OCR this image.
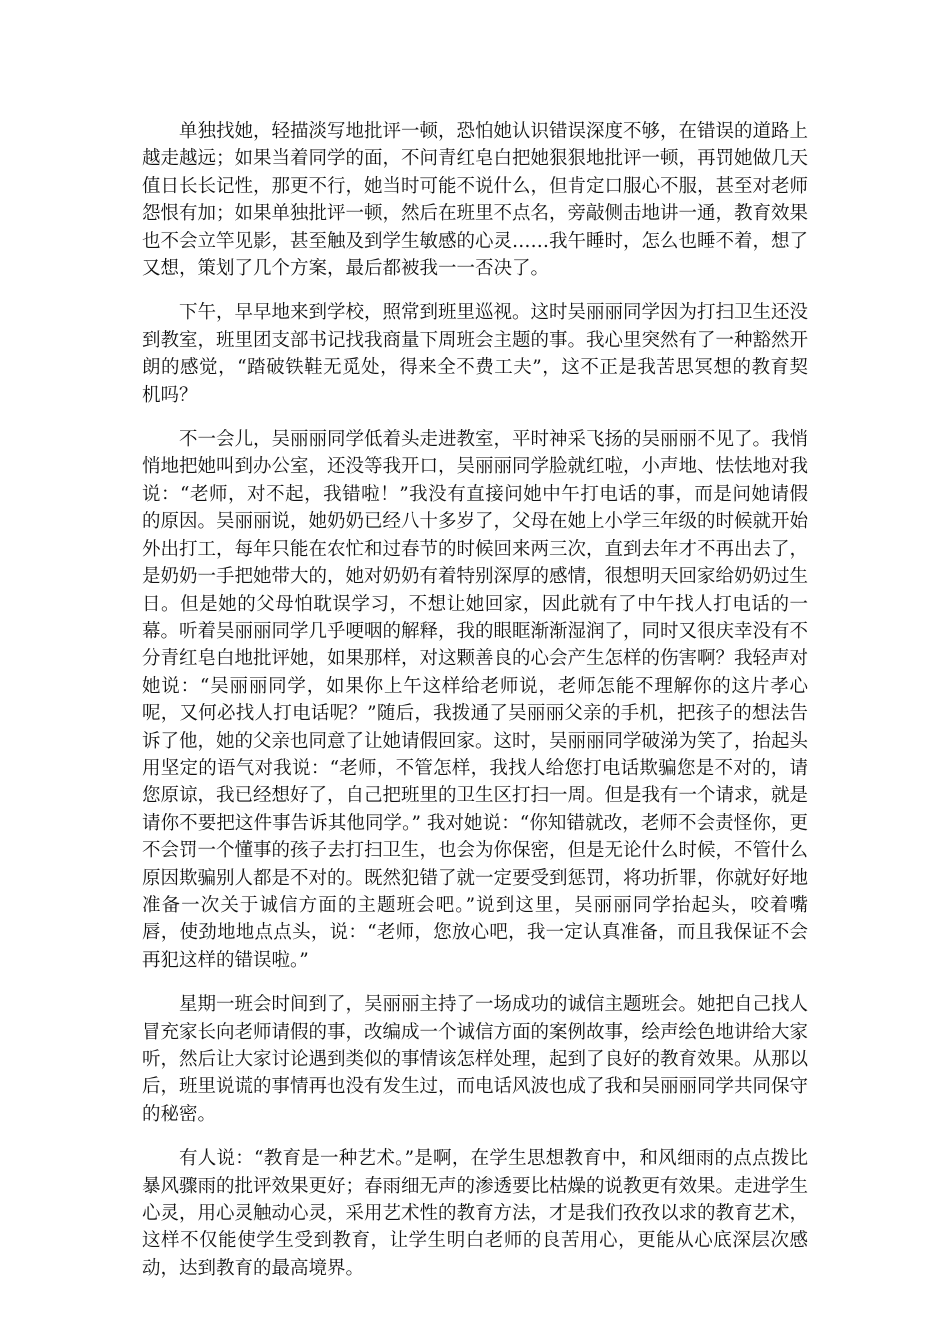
单独找她，轻描淡写地批评一顿，恐怕她认识错误深度不够，在错误的道路上越走越远；如果当着同学的面，不问青红皂白把她狠狠地批评一顿，再罚她做几天值日长长记性，那更不行，她当时可能不说什么，但肯定口服心不服，甚至对老师怨恨有加；如果单独批评一顿，然后在班里不点名，旁敲侧击地讲一通，教育效果也不会立竿见影，甚至触及到学生敏感的心灵……我午睡时，怎么也睡不着，想了又想，策划了几个方案，最后都被我一一否决了。

下午，早早地来到学校，照常到班里巡视。这时吴丽丽同学因为打扫卫生还没到教室，班里团支部书记找我商量下周班会主题的事。我心里突然有了一种豁然开朗的感觉，“踏破铁鞋无觅处，得来全不费工夫”，这不正是我苦思冥想的教育契机吗？

不一会儿，吴丽丽同学低着头走进教室，平时神采飞扬的吴丽丽不见了。我悄悄地把她叫到办公室，还没等我开口，吴丽丽同学脸就红啦，小声地、怯怯地对我说：“老师，对不起，我错啦！”我没有直接问她中午打电话的事，而是问她请假的原因。吴丽丽说，她奶奶已经八十多岁了，父母在她上小学三年级的时候就开始外出打工，每年只能在农忙和过春节的时候回来两三次，直到去年才不再出去了，是奶奶一手把她带大的，她对奶奶有着特别深厚的感情，很想明天回家给奶奶过生日。但是她的父母怕耽误学习，不想让她回家，因此就有了中午找人打电话的一幕。听着吴丽丽同学几乎哽咽的解释，我的眼眶渐渐湿润了，同时又很庆幸没有不分青红皂白地批评她，如果那样，对这颗善良的心会产生怎样的伤害啊？我轻声对她说：“吴丽丽同学，如果你上午这样给老师说，老师怎能不理解你的这片孝心呢，又何必找人打电话呢？”随后，我拨通了吴丽丽父亲的手机，把孩子的想法告诉了他，她的父亲也同意了让她请假回家。这时，吴丽丽同学破涕为笑了，抬起头用坚定的语气对我说：“老师，不管怎样，我找人给您打电话欺骗您是不对的，请您原谅，我已经想好了，自己把班里的卫生区打扫一周。但是我有一个请求，就是请你不要把这件事告诉其他同学。” 我对她说：“你知错就改，老师不会责怪你，更不会罚一个懂事的孩子去打扫卫生，也会为你保密，但是无论什么时候，不管什么原因欺骗别人都是不对的。既然犯错了就一定要受到惩罚，将功折罪，你就好好地准备一次关于诚信方面的主题班会吧。”说到这里，吴丽丽同学抬起头，咬着嘴唇，使劲地地点点头，说：“老师，您放心吧，我一定认真准备，而且我保证不会再犯这样的错误啦。”

星期一班会时间到了，吴丽丽主持了一场成功的诚信主题班会。她把自己找人冒充家长向老师请假的事，改编成一个诚信方面的案例故事，绘声绘色地讲给大家听，然后让大家讨论遇到类似的事情该怎样处理，起到了良好的教育效果。从那以后，班里说谎的事情再也没有发生过，而电话风波也成了我和吴丽丽同学共同保守的秘密。

有人说：“教育是一种艺术。”是啊，在学生思想教育中，和风细雨的点点拨比暴风骤雨的批评效果更好；春雨细无声的渗透要比枯燥的说教更有效果。走进学生心灵，用心灵触动心灵，采用艺术性的教育方法，才是我们孜孜以求的教育艺术，这样不仅能使学生受到教育，让学生明白老师的良苦用心，更能从心底深层次感动，达到教育的最高境界。
